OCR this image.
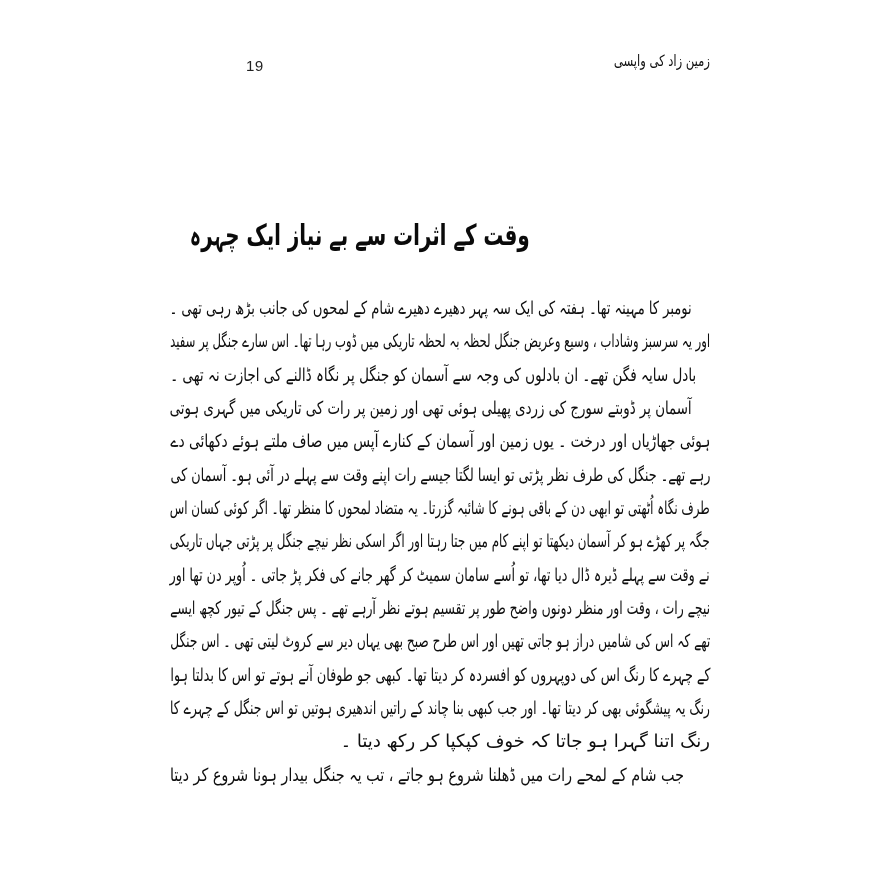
19	زمین زاد کی واپسی
وقت کے اثرات سے بے نیاز ایک چہرہ
نومبر کا مہینہ تھا۔ ہفتہ کی ایک سہ پہر دھیرے دھیرے شام کے لمحوں کی جانب بڑھ رہی تھی ۔
اور یہ سرسبز وشاداب ، وسیع وعریض جنگل لحظہ بہ لحظہ تاریکی میں ڈوب رہا تھا۔ اس سارے جنگل پر سفید
بادل سایہ فگن تھے۔ ان بادلوں کی وجہ سے آسمان کو جنگل پر نگاہ ڈالنے کی اجازت نہ تھی ۔
آسمان پر ڈوبتے سورج کی زردی پھیلی ہوئی تھی اور زمین پر رات کی تاریکی میں گہری ہوتی
ہوئی جھاڑیاں اور درخت ۔ یوں زمین اور آسمان کے کنارے آپس میں صاف ملتے ہوئے دکھائی دے
رہے تھے۔ جنگل کی طرف نظر پڑتی تو ایسا لگتا جیسے رات اپنے وقت سے پہلے در آئی ہو۔ آسمان کی
طرف نگاہ اُٹھتی تو ابھی دن کے باقی ہونے کا شائبہ گزرتا۔ یہ متضاد لمحوں کا منظر تھا۔ اگر کوئی کسان اس
جگہ پر کھڑے ہو کر آسمان دیکھتا تو اپنے کام میں جتا رہتا اور اگر اسکی نظر نیچے جنگل پر پڑتی جہاں تاریکی
نے وقت سے پہلے ڈیرہ ڈال دیا تھا، تو اُسے سامان سمیٹ کر گھر جانے کی فکر پڑ جاتی ۔ اُوپر دن تھا اور
نیچے رات ، وقت اور منظر دونوں واضح طور پر تقسیم ہوتے نظر آرہے تھے ۔ پس جنگل کے تیور کچھ ایسے
تھے کہ اس کی شامیں دراز ہو جاتی تھیں اور اس طرح صبح بھی یہاں دیر سے کروٹ لیتی تھی ۔ اس جنگل
کے چہرے کا رنگ اس کی دوپہروں کو افسردہ کر دیتا تھا۔ کبھی جو طوفان آنے ہوتے تو اس کا بدلتا ہوا
رنگ یہ پیشگوئی بھی کر دیتا تھا۔ اور جب کبھی بنا چاند کے راتیں اندھیری ہوتیں تو اس جنگل کے چہرے کا
رنگ اتنا گہرا ہو جاتا کہ خوف کپکپا کر رکھ دیتا ۔
جب شام کے لمحے رات میں ڈھلنا شروع ہو جاتے ، تب یہ جنگل بیدار ہونا شروع کر دیتا
